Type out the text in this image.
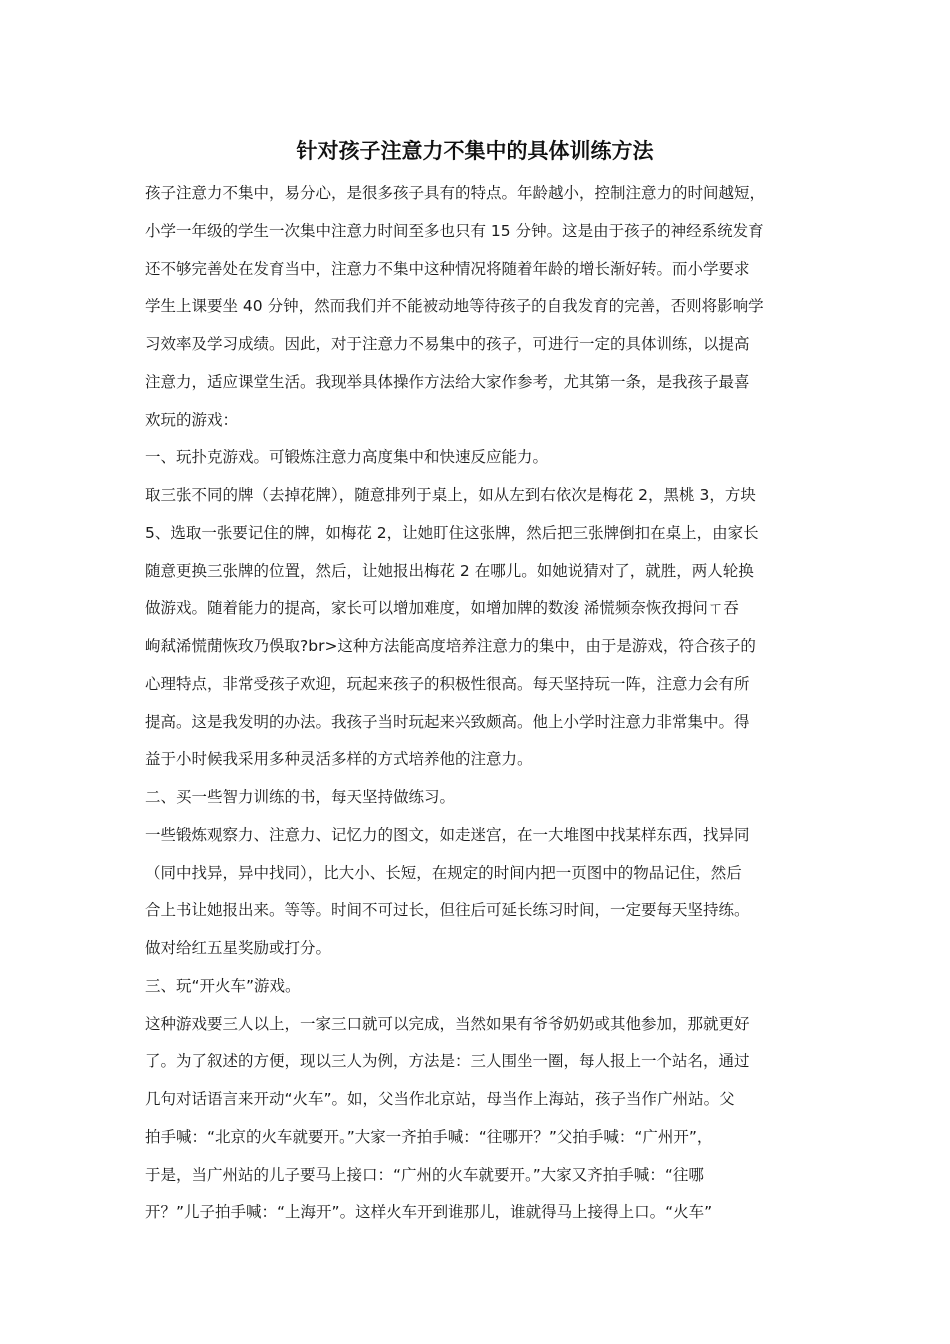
针对孩子注意力不集中的具体训练方法
孩子注意力不集中，易分心，是很多孩子具有的特点。年龄越小，控制注意力的时间越短，
小学一年级的学生一次集中注意力时间至多也只有 15 分钟。这是由于孩子的神经系统发育
还不够完善处在发育当中，注意力不集中这种情况将随着年龄的增长渐好转。而小学要求
学生上课要坐 40 分钟，然而我们并不能被动地等待孩子的自我发育的完善，否则将影响学
习效率及学习成绩。因此，对于注意力不易集中的孩子，可进行一定的具体训练，以提高
注意力，适应课堂生活。我现举具体操作方法给大家作参考，尤其第一条，是我孩子最喜
欢玩的游戏：
一、玩扑克游戏。可锻炼注意力高度集中和快速反应能力。
取三张不同的牌（去掉花牌），随意排列于桌上，如从左到右依次是梅花 2，黑桃 3，方块
5、选取一张要记住的牌，如梅花 2，让她盯住这张牌，然后把三张牌倒扣在桌上，由家长
随意更换三张牌的位置，然后，让她报出梅花 2 在哪儿。如她说猜对了，就胜，两人轮换
做游戏。随着能力的提高，家长可以增加难度，如增加牌的数浚 浠慌频奈恢孜拇问ㄒ吞
岣弒浠慌蕑恢玫乃俁取?br>这种方法能高度培养注意力的集中，由于是游戏，符合孩子的
心理特点，非常受孩子欢迎，玩起来孩子的积极性很高。每天坚持玩一阵，注意力会有所
提高。这是我发明的办法。我孩子当时玩起来兴致颇高。他上小学时注意力非常集中。得
益于小时候我采用多种灵活多样的方式培养他的注意力。
二、买一些智力训练的书，每天坚持做练习。
一些锻炼观察力、注意力、记忆力的图文，如走迷宫，在一大堆图中找某样东西，找异同
（同中找异，异中找同），比大小、长短，在规定的时间内把一页图中的物品记住，然后
合上书让她报出来。等等。时间不可过长，但往后可延长练习时间，一定要每天坚持练。
做对给红五星奖励或打分。
三、玩“开火车”游戏。
这种游戏要三人以上，一家三口就可以完成，当然如果有爷爷奶奶或其他参加，那就更好
了。为了叙述的方便，现以三人为例，方法是：三人围坐一圈，每人报上一个站名，通过
几句对话语言来开动“火车”。如，父当作北京站，母当作上海站，孩子当作广州站。父
拍手喊：“北京的火车就要开。”大家一齐拍手喊：“往哪开？”父拍手喊：“广州开”，
于是，当广州站的儿子要马上接口：“广州的火车就要开。”大家又齐拍手喊：“往哪
开？”儿子拍手喊：“上海开”。这样火车开到谁那儿，谁就得马上接得上口。“火车”
